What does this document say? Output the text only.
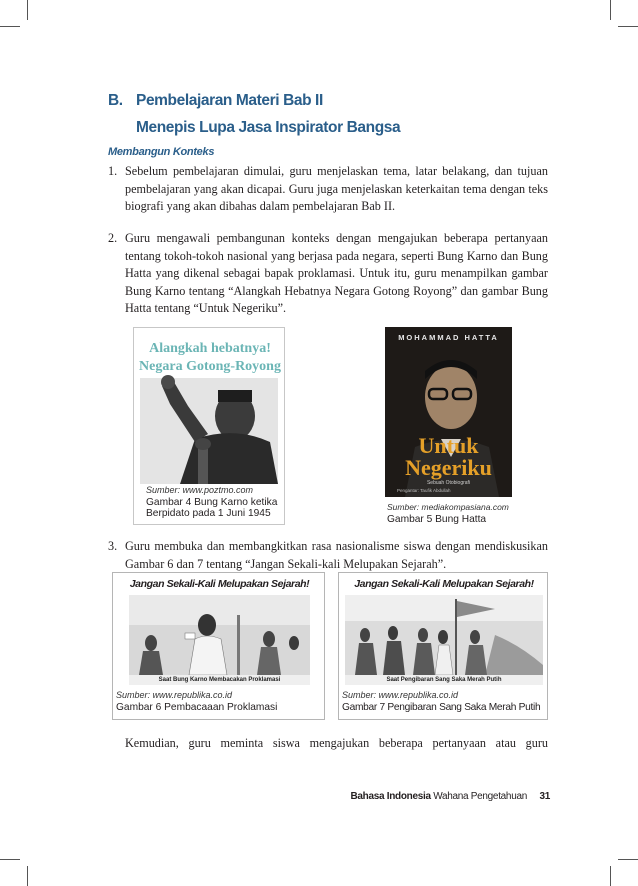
B. Pembelajaran Materi Bab II
Menepis Lupa Jasa Inspirator Bangsa
Membangun Konteks
1. Sebelum pembelajaran dimulai, guru menjelaskan tema, latar belakang, dan tujuan pembelajaran yang akan dicapai. Guru juga menjelaskan keterkaitan tema dengan teks biografi yang akan dibahas dalam pembelajaran Bab II.
2. Guru mengawali pembangunan konteks dengan mengajukan beberapa pertanyaan tentang tokoh-tokoh nasional yang berjasa pada negara, seperti Bung Karno dan Bung Hatta yang dikenal sebagai bapak proklamasi. Untuk itu, guru menampilkan gambar Bung Karno tentang “Alangkah Hebatnya Negara Gotong Royong” dan gambar Bung Hatta tentang “Untuk Negeriku”.
Alangkah hebatnya!
Negara Gotong-Royong
Sumber: www.poztmo.com
Gambar 4 Bung Karno ketika
Berpidato pada 1 Juni 1945
MOHAMMAD HATTA
Untuk
Negeriku
Sebuah Otobiografi
Pengantar: Taufik Abdullah
Sumber: mediakompasiana.com
Gambar 5 Bung Hatta
3. Guru membuka dan membangkitkan rasa nasionalisme siswa dengan mendiskusikan Gambar 6 dan 7 tentang “Jangan Sekali-kali Melupakan Sejarah”.
Jangan Sekali-Kali Melupakan Sejarah!
Saat Bung Karno Membacakan Proklamasi
Sumber: www.republika.co.id
Gambar 6 Pembacaaan Proklamasi
Jangan Sekali-Kali Melupakan Sejarah!
Saat Pengibaran Sang Saka Merah Putih
Sumber: www.republika.co.id
Gambar 7 Pengibaran Sang Saka Merah Putih
Kemudian, guru meminta siswa mengajukan beberapa pertanyaan atau guru
Bahasa Indonesia Wahana Pengetahuan 31
